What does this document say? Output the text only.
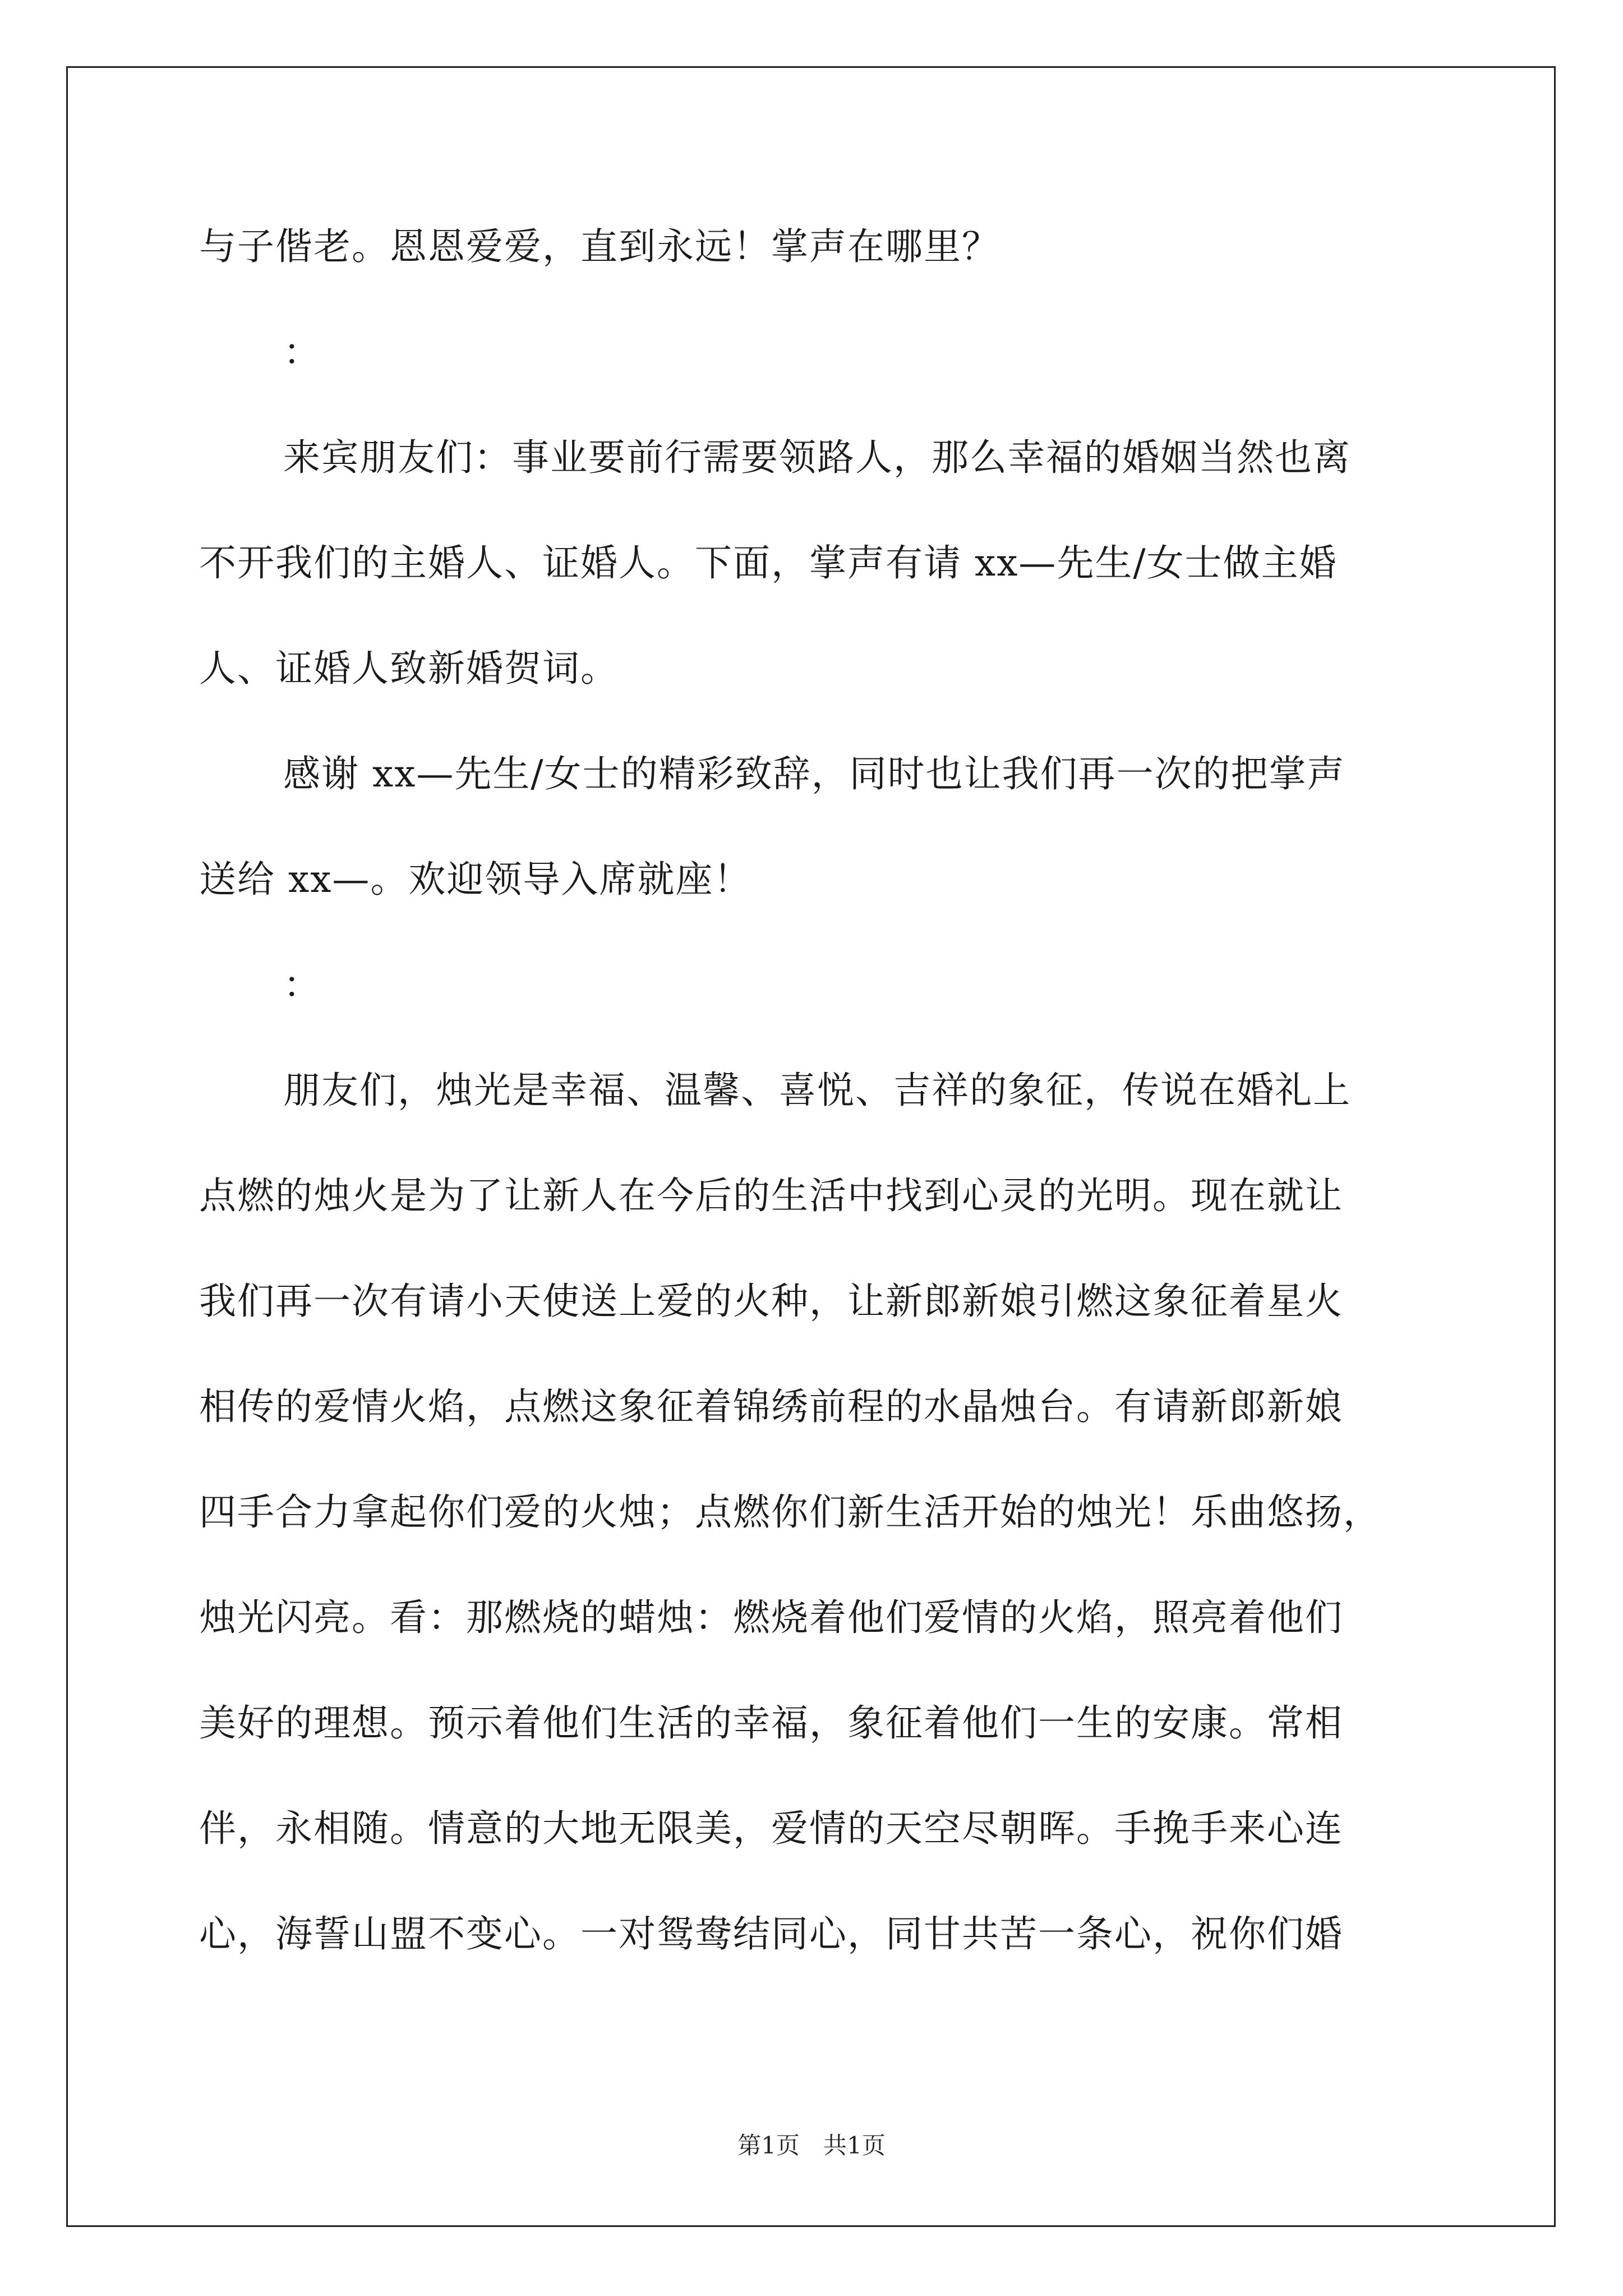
与子偕老。恩恩爱爱，直到永远！掌声在哪里？
：
来宾朋友们：事业要前行需要领路人，那么幸福的婚姻当然也离
不开我们的主婚人、证婚人。下面，掌声有请 xx—先生/女士做主婚
人、证婚人致新婚贺词。
感谢 xx—先生/女士的精彩致辞，同时也让我们再一次的把掌声
送给 xx—。欢迎领导入席就座！
：
朋友们，烛光是幸福、温馨、喜悦、吉祥的象征，传说在婚礼上
点燃的烛火是为了让新人在今后的生活中找到心灵的光明。现在就让
我们再一次有请小天使送上爱的火种，让新郎新娘引燃这象征着星火
相传的爱情火焰，点燃这象征着锦绣前程的水晶烛台。有请新郎新娘
四手合力拿起你们爱的火烛；点燃你们新生活开始的烛光！乐曲悠扬，
烛光闪亮。看：那燃烧的蜡烛：燃烧着他们爱情的火焰，照亮着他们
美好的理想。预示着他们生活的幸福，象征着他们一生的安康。常相
伴，永相随。情意的大地无限美，爱情的天空尽朝晖。手挽手来心连
心，海誓山盟不变心。一对鸳鸯结同心，同甘共苦一条心，祝你们婚
第1页　共1页
